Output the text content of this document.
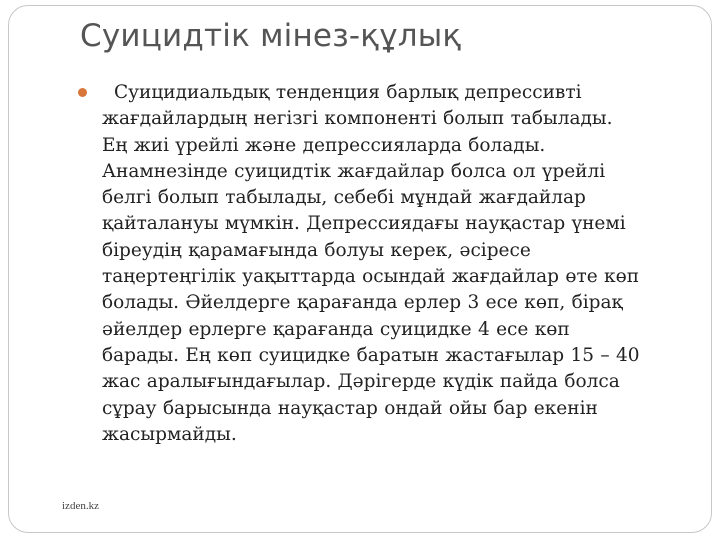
Суицидтік мінез-құлық

Суицидиальдық тенденция барлық депрессивті жағдайлардың негізгі компоненті болып табылады. Ең жиі үрейлі және депрессияларда болады. Анамнезінде суицидтік жағдайлар болса ол үрейлі белгі болып табылады, себебі мұндай жағдайлар қайталануы мүмкін. Депрессиядағы науқастар үнемі біреудің қарамағында болуы керек, әсіресе таңертеңгілік уақыттарда осындай жағдайлар өте көп болады. Әйелдерге қарағанда ерлер 3 есе көп, бірақ әйелдер ерлерге қарағанда суицидке 4 есе көп барады. Ең көп суицидке баратын жастағылар 15 – 40 жас аралығындағылар. Дәрігерде күдік пайда болса сұрау барысында науқастар ондай ойы бар екенін жасырмайды.

izden.kz
